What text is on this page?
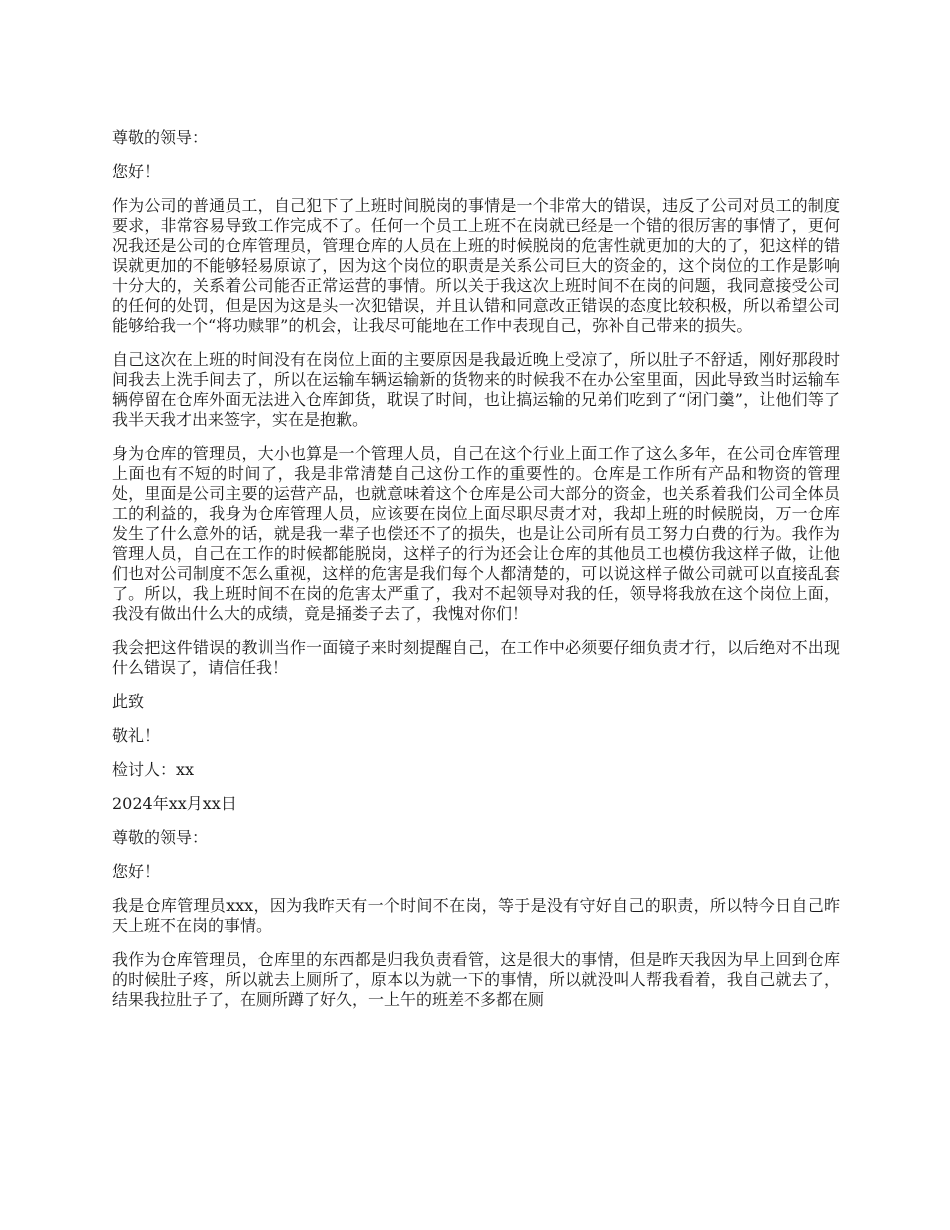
尊敬的领导：

您好！

作为公司的普通员工，自己犯下了上班时间脱岗的事情是一个非常大的错误，违反了公司对员工的制度要求，非常容易导致工作完成不了。任何一个员工上班不在岗就已经是一个错的很厉害的事情了，更何况我还是公司的仓库管理员，管理仓库的人员在上班的时候脱岗的危害性就更加的大的了，犯这样的错误就更加的不能够轻易原谅了，因为这个岗位的职责是关系公司巨大的资金的，这个岗位的工作是影响十分大的，关系着公司能否正常运营的事情。所以关于我这次上班时间不在岗的问题，我同意接受公司的任何的处罚，但是因为这是头一次犯错误，并且认错和同意改正错误的态度比较积极，所以希望公司能够给我一个“将功赎罪”的机会，让我尽可能地在工作中表现自己，弥补自己带来的损失。

自己这次在上班的时间没有在岗位上面的主要原因是我最近晚上受凉了，所以肚子不舒适，刚好那段时间我去上洗手间去了，所以在运输车辆运输新的货物来的时候我不在办公室里面，因此导致当时运输车辆停留在仓库外面无法进入仓库卸货，耽误了时间，也让搞运输的兄弟们吃到了“闭门羹”，让他们等了我半天我才出来签字，实在是抱歉。

身为仓库的管理员，大小也算是一个管理人员，自己在这个行业上面工作了这么多年，在公司仓库管理上面也有不短的时间了，我是非常清楚自己这份工作的重要性的。仓库是工作所有产品和物资的管理处，里面是公司主要的运营产品，也就意味着这个仓库是公司大部分的资金，也关系着我们公司全体员工的利益的，我身为仓库管理人员，应该要在岗位上面尽职尽责才对，我却上班的时候脱岗，万一仓库发生了什么意外的话，就是我一辈子也偿还不了的损失，也是让公司所有员工努力白费的行为。我作为管理人员，自己在工作的时候都能脱岗，这样子的行为还会让仓库的其他员工也模仿我这样子做，让他们也对公司制度不怎么重视，这样的危害是我们每个人都清楚的，可以说这样子做公司就可以直接乱套了。所以，我上班时间不在岗的危害太严重了，我对不起领导对我的任，领导将我放在这个岗位上面，我没有做出什么大的成绩，竟是捅娄子去了，我愧对你们！

我会把这件错误的教训当作一面镜子来时刻提醒自己，在工作中必须要仔细负责才行，以后绝对不出现什么错误了，请信任我！

此致

敬礼！

检讨人：xx

2024年xx月xx日

尊敬的领导：

您好！

我是仓库管理员xxx，因为我昨天有一个时间不在岗，等于是没有守好自己的职责，所以特今日自己昨天上班不在岗的事情。

我作为仓库管理员，仓库里的东西都是归我负责看管，这是很大的事情，但是昨天我因为早上回到仓库的时候肚子疼，所以就去上厕所了，原本以为就一下的事情，所以就没叫人帮我看着，我自己就去了，结果我拉肚子了，在厕所蹲了好久，一上午的班差不多都在厕
